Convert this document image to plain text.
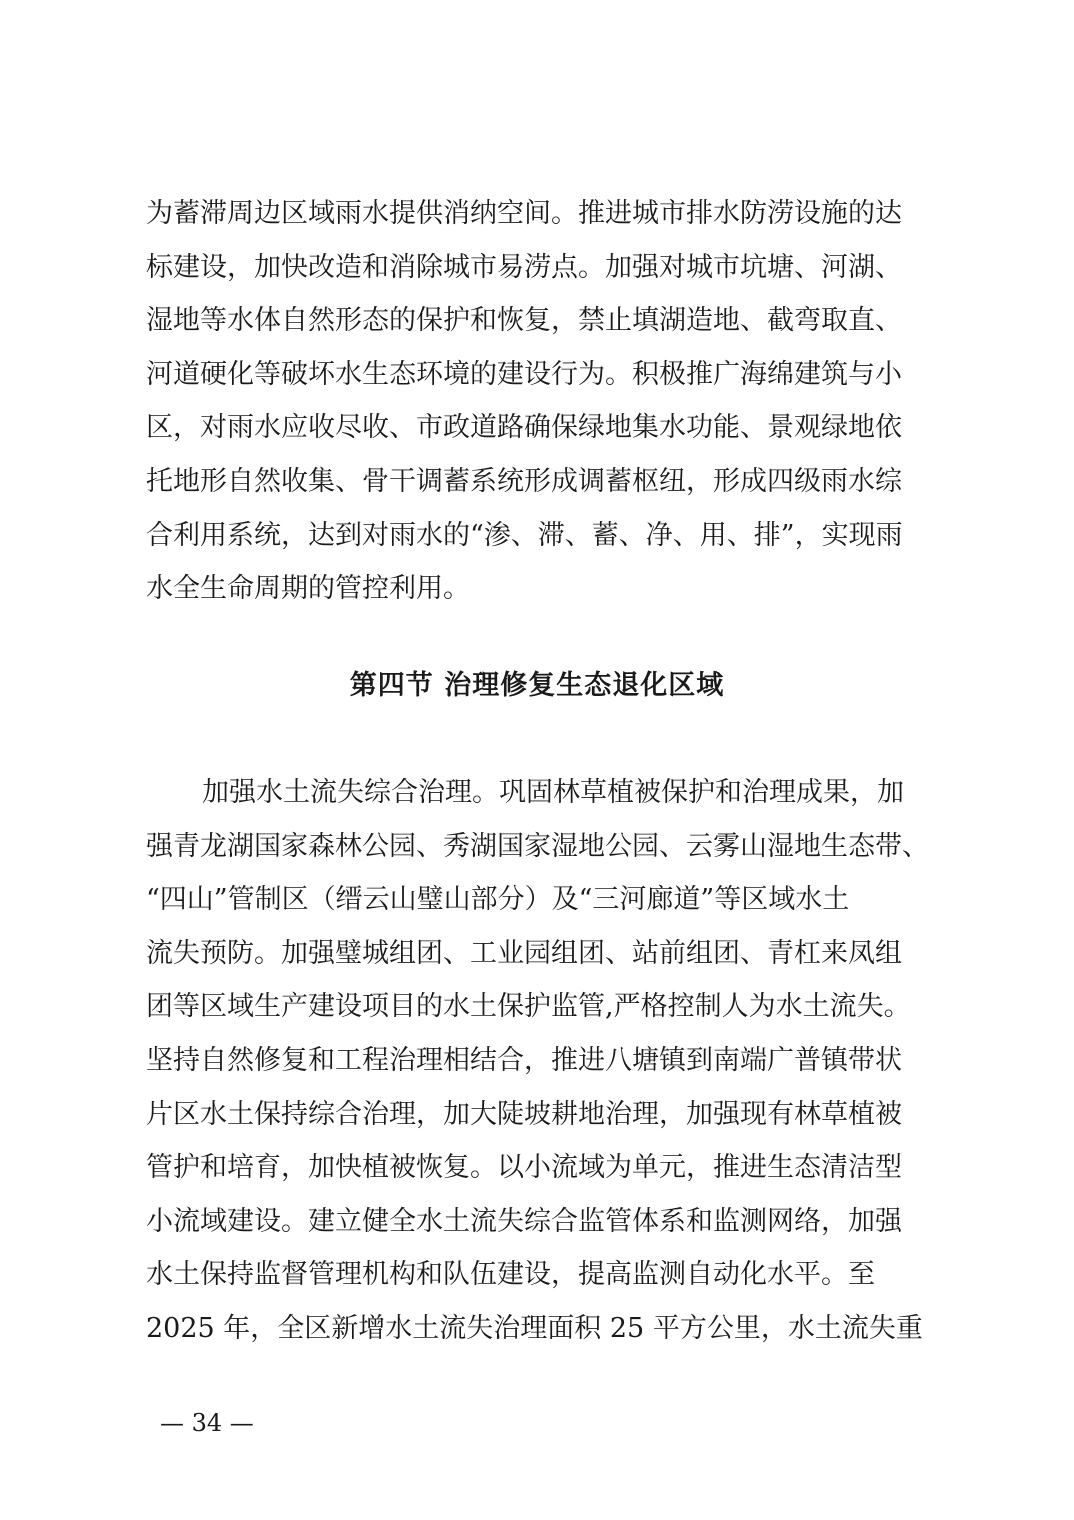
为蓄滞周边区域雨水提供消纳空间。推进城市排水防涝设施的达
标建设，加快改造和消除城市易涝点。加强对城市坑塘、河湖、
湿地等水体自然形态的保护和恢复，禁止填湖造地、截弯取直、
河道硬化等破坏水生态环境的建设行为。积极推广海绵建筑与小
区，对雨水应收尽收、市政道路确保绿地集水功能、景观绿地依
托地形自然收集、骨干调蓄系统形成调蓄枢纽，形成四级雨水综
合利用系统，达到对雨水的“渗、滞、蓄、净、用、排”，实现雨
水全生命周期的管控利用。
第四节 治理修复生态退化区域
加强水土流失综合治理。巩固林草植被保护和治理成果，加
强青龙湖国家森林公园、秀湖国家湿地公园、云雾山湿地生态带、
“四山”管制区（缙云山璧山部分）及“三河廊道”等区域水土
流失预防。加强璧城组团、工业园组团、站前组团、青杠来凤组
团等区域生产建设项目的水土保护监管,严格控制人为水土流失。
坚持自然修复和工程治理相结合，推进八塘镇到南端广普镇带状
片区水土保持综合治理，加大陡坡耕地治理，加强现有林草植被
管护和培育，加快植被恢复。以小流域为单元，推进生态清洁型
小流域建设。建立健全水土流失综合监管体系和监测网络，加强
水土保持监督管理机构和队伍建设，提高监测自动化水平。至
2025 年，全区新增水土流失治理面积 25 平方公里，水土流失重
— 34 —
